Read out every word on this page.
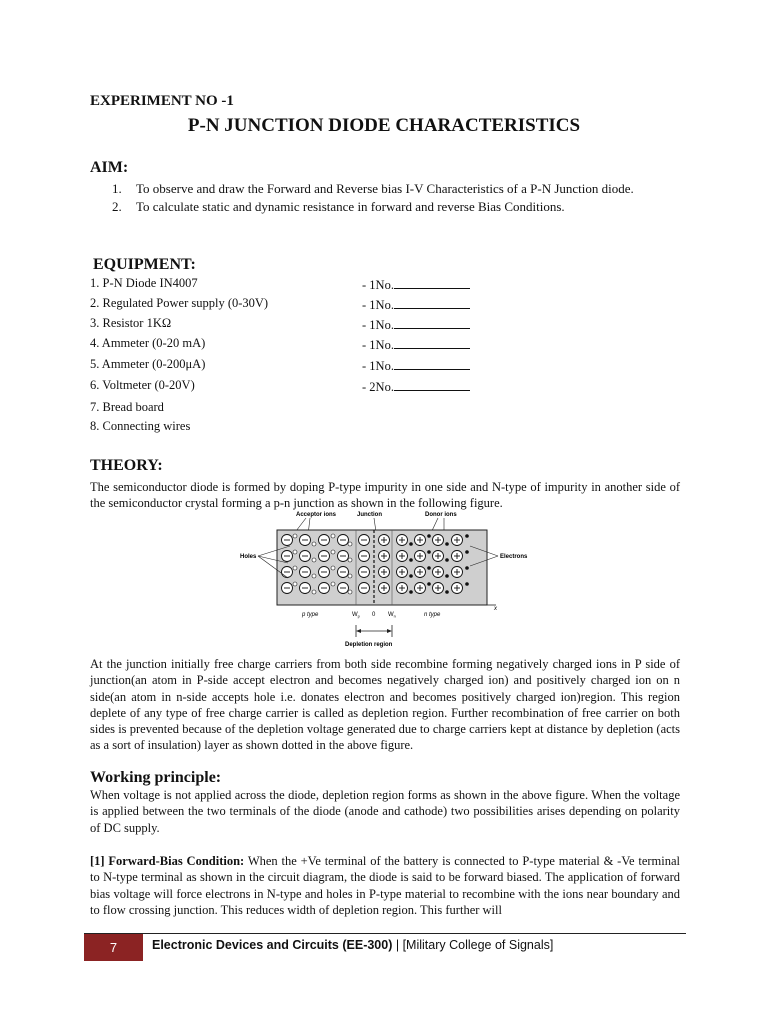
EXPERIMENT NO -1
P-N JUNCTION DIODE CHARACTERISTICS
AIM:
1. To observe and draw the Forward and Reverse bias I-V Characteristics of a P-N Junction diode.
2. To calculate static and dynamic resistance in forward and reverse Bias Conditions.
EQUIPMENT:
1. P-N Diode IN4007	- 1No.
2. Regulated Power supply (0-30V)	- 1No.
3. Resistor 1KΩ	- 1No.
4. Ammeter (0-20 mA)	- 1No.
5. Ammeter (0-200μA)	- 1No.
6. Voltmeter (0-20V)	- 2No.
7. Bread board
8. Connecting wires
THEORY:
The semiconductor diode is formed by doping P-type impurity in one side and N-type of impurity in another side of the semiconductor crystal forming a p-n junction as shown in the following figure.
Acceptor ions	Junction	Donor ions
Holes	Electrons
x
p type	n type
$W_p$ 0 $W_n$
Depletion region
At the junction initially free charge carriers from both side recombine forming negatively charged ions in P side of junction(an atom in P-side accept electron and becomes negatively charged ion) and positively charged ion on n side(an atom in n-side accepts hole i.e. donates electron and becomes positively charged ion)region. This region deplete of any type of free charge carrier is called as depletion region. Further recombination of free carrier on both sides is prevented because of the depletion voltage generated due to charge carriers kept at distance by depletion (acts as a sort of insulation) layer as shown dotted in the above figure.
Working principle:
When voltage is not applied across the diode, depletion region forms as shown in the above figure. When the voltage is applied between the two terminals of the diode (anode and cathode) two possibilities arises depending on polarity of DC supply.
[1] Forward-Bias Condition: When the +Ve terminal of the battery is connected to P-type material & -Ve terminal to N-type terminal as shown in the circuit diagram, the diode is said to be forward biased. The application of forward bias voltage will force electrons in N-type and holes in P-type material to recombine with the ions near boundary and to flow crossing junction. This reduces width of depletion region. This further will
7	Electronic Devices and Circuits (EE-300) | [Military College of Signals]
